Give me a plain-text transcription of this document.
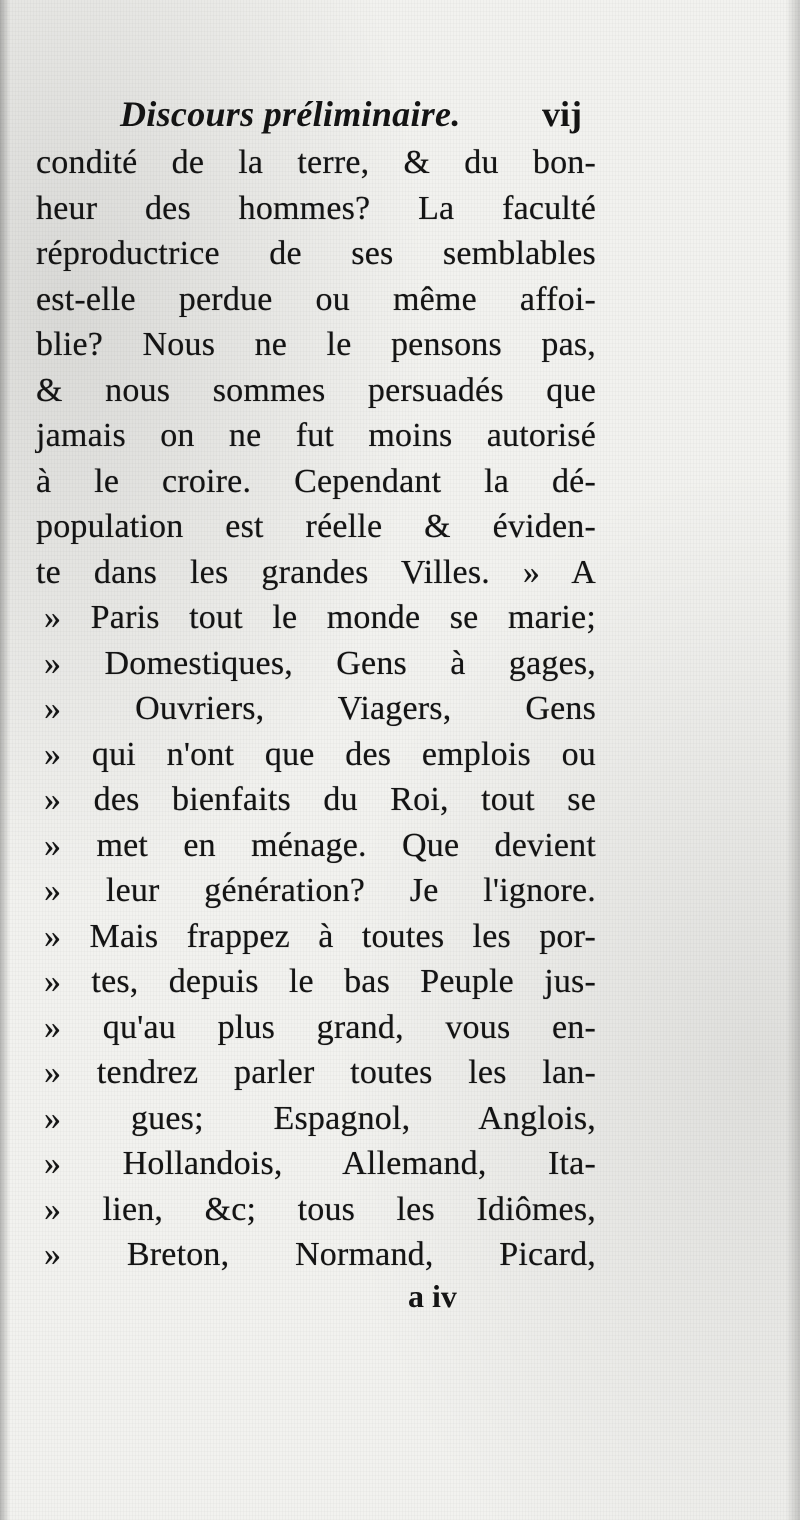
Discours préliminaire. vij
condité de la terre, & du bon-
heur des hommes? La faculté
réproductrice de ses semblables
est-elle perdue ou même affoi-
blie? Nous ne le pensons pas,
& nous sommes persuadés que
jamais on ne fut moins autorisé
à le croire. Cependant la dé-
population est réelle & éviden-
te dans les grandes Villes. » A
» Paris tout le monde se marie;
» Domestiques, Gens à gages,
» Ouvriers, Viagers, Gens
» qui n'ont que des emplois ou
» des bienfaits du Roi, tout se
» met en ménage. Que devient
» leur génération? Je l'ignore.
» Mais frappez à toutes les por-
» tes, depuis le bas Peuple jus-
» qu'au plus grand, vous en-
» tendrez parler toutes les lan-
» gues; Espagnol, Anglois,
» Hollandois, Allemand, Ita-
» lien, &c; tous les Idiômes,
» Breton, Normand, Picard,
a iv
